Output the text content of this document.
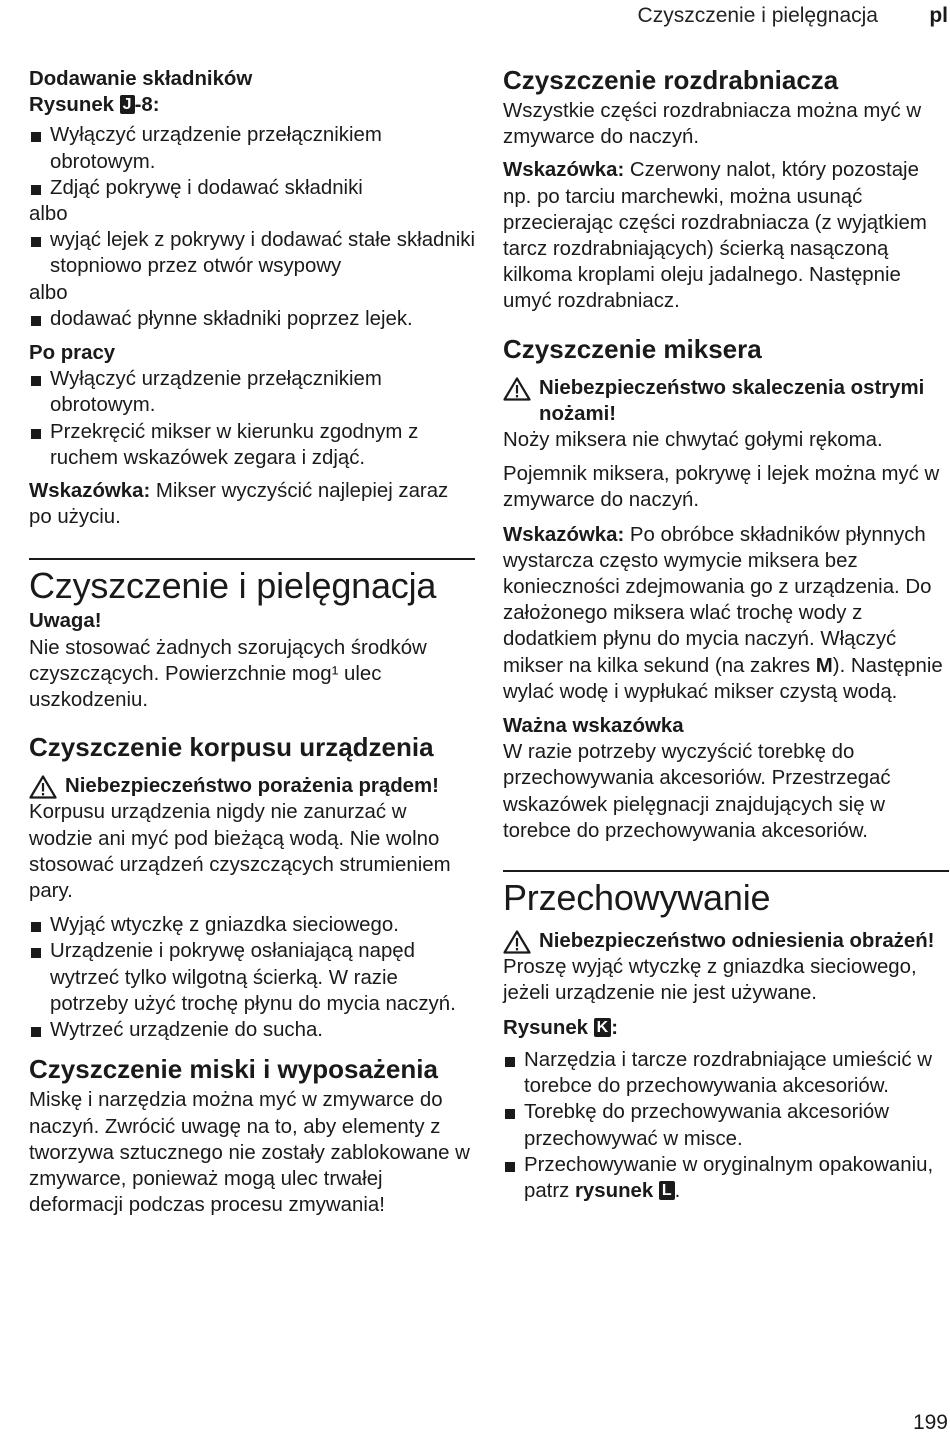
Czyszczenie i pielęgnacja pl

Dodawanie składników

Rysunek J -8:

Wyłączyć urządzenie przełącznikiem obrotowym.
Zdjąć pokrywę i dodawać składniki

albo

wyjąć lejek z pokrywy i dodawać stałe składniki stopniowo przez otwór wsypowy

albo

dodawać płynne składniki poprzez lejek.

Po pracy

Wyłączyć urządzenie przełącznikiem obrotowym.
Przekręcić mikser w kierunku zgodnym z ruchem wskazówek zegara i zdjąć.

Wskazówka: Mikser wyczyścić najlepiej zaraz po użyciu.

Czyszczenie i pielęgnacja

Uwaga!

Nie stosować żadnych szorujących środków czyszczących. Powierzchnie mog¹ ulec uszkodzeniu.

Czyszczenie korpusu urządzenia
Niebezpieczeństwo porażenia prądem!

Korpusu urządzenia nigdy nie zanurzać w wodzie ani myć pod bieżącą wodą. Nie wolno stosować urządzeń czyszczących strumieniem pary.

Wyjąć wtyczkę z gniazdka sieciowego.
Urządzenie i pokrywę osłaniającą napęd wytrzeć tylko wilgotną ścierką. W razie potrzeby użyć trochę płynu do mycia naczyń.
Wytrzeć urządzenie do sucha.
Czyszczenie miski i wyposażenia

Miskę i narzędzia można myć w zmywarce do naczyń. Zwrócić uwagę na to, aby elementy z tworzywa sztucznego nie zostały zablokowane w zmywarce, ponieważ mogą ulec trwałej deformacji podczas procesu zmywania!

Czyszczenie rozdrabniacza

Wszystkie części rozdrabniacza można myć w zmywarce do naczyń.

Wskazówka: Czerwony nalot, który pozostaje np. po tarciu marchewki, można usunąć przecierając części rozdrabniacza (z wyjątkiem tarcz rozdrabniających) ścierką nasączoną kilkoma kroplami oleju jadalnego. Następnie umyć rozdrabniacz.

Czyszczenie miksera
Niebezpieczeństwo skaleczenia ostrymi nożami!

Noży miksera nie chwytać gołymi rękoma.

Pojemnik miksera, pokrywę i lejek można myć w zmywarce do naczyń.

Wskazówka: Po obróbce składników płynnych wystarcza często wymycie miksera bez konieczności zdejmowania go z urządzenia. Do założonego miksera wlać trochę wody z dodatkiem płynu do mycia naczyń. Włączyć mikser na kilka sekund (na zakres M). Następnie wylać wodę i wypłukać mikser czystą wodą.

Ważna wskazówka

W razie potrzeby wyczyścić torebkę do przechowywania akcesoriów. Przestrzegać wskazówek pielęgnacji znajdujących się w torebce do przechowywania akcesoriów.

Przechowywanie
Niebezpieczeństwo odniesienia obrażeń!

Proszę wyjąć wtyczkę z gniazdka sieciowego, jeżeli urządzenie nie jest używane.

Rysunek K :

Narzędzia i tarcze rozdrabniające umieścić w torebce do przechowywania akcesoriów.
Torebkę do przechowywania akcesoriów przechowywać w misce.
Przechowywanie w oryginalnym opakowaniu, patrz rysunek L .
199
